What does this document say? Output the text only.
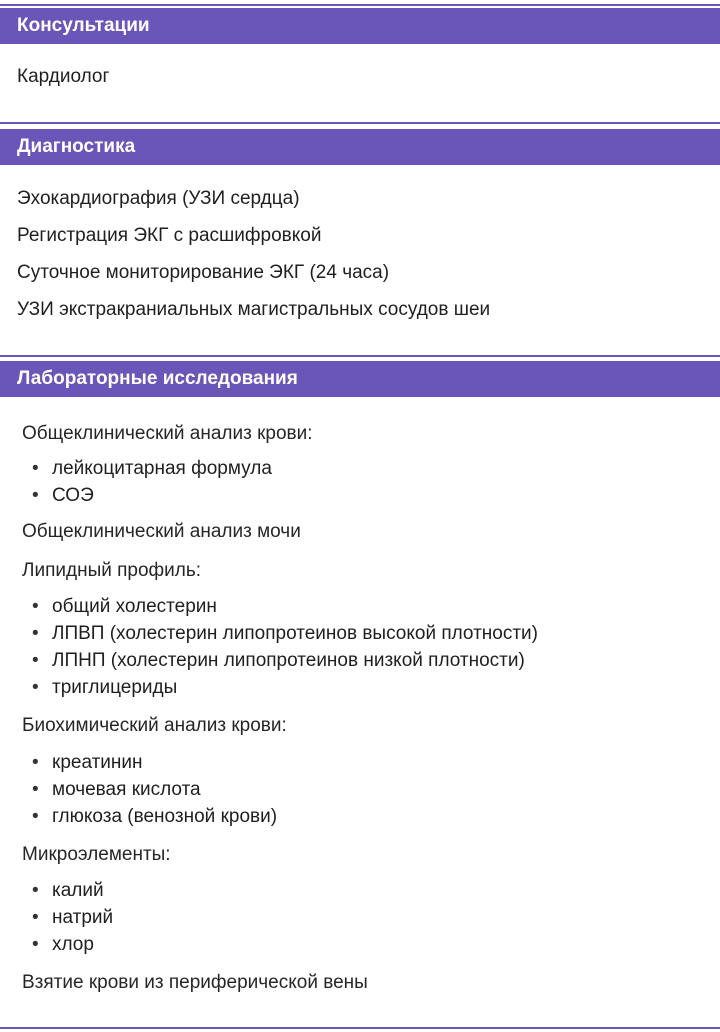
Консультации
Кардиолог
Диагностика
Эхокардиография (УЗИ сердца)
Регистрация ЭКГ с расшифровкой
Суточное мониторирование ЭКГ (24 часа)
УЗИ экстракраниальных магистральных сосудов шеи
Лабораторные исследования
Общеклинический анализ крови:
• лейкоцитарная формула
• СОЭ
Общеклинический анализ мочи
Липидный профиль:
• общий холестерин
• ЛПВП (холестерин липопротеинов высокой плотности)
• ЛПНП (холестерин липопротеинов низкой плотности)
• триглицериды
Биохимический анализ крови:
• креатинин
• мочевая кислота
• глюкоза (венозной крови)
Микроэлементы:
• калий
• натрий
• хлор
Взятие крови из периферической вены
